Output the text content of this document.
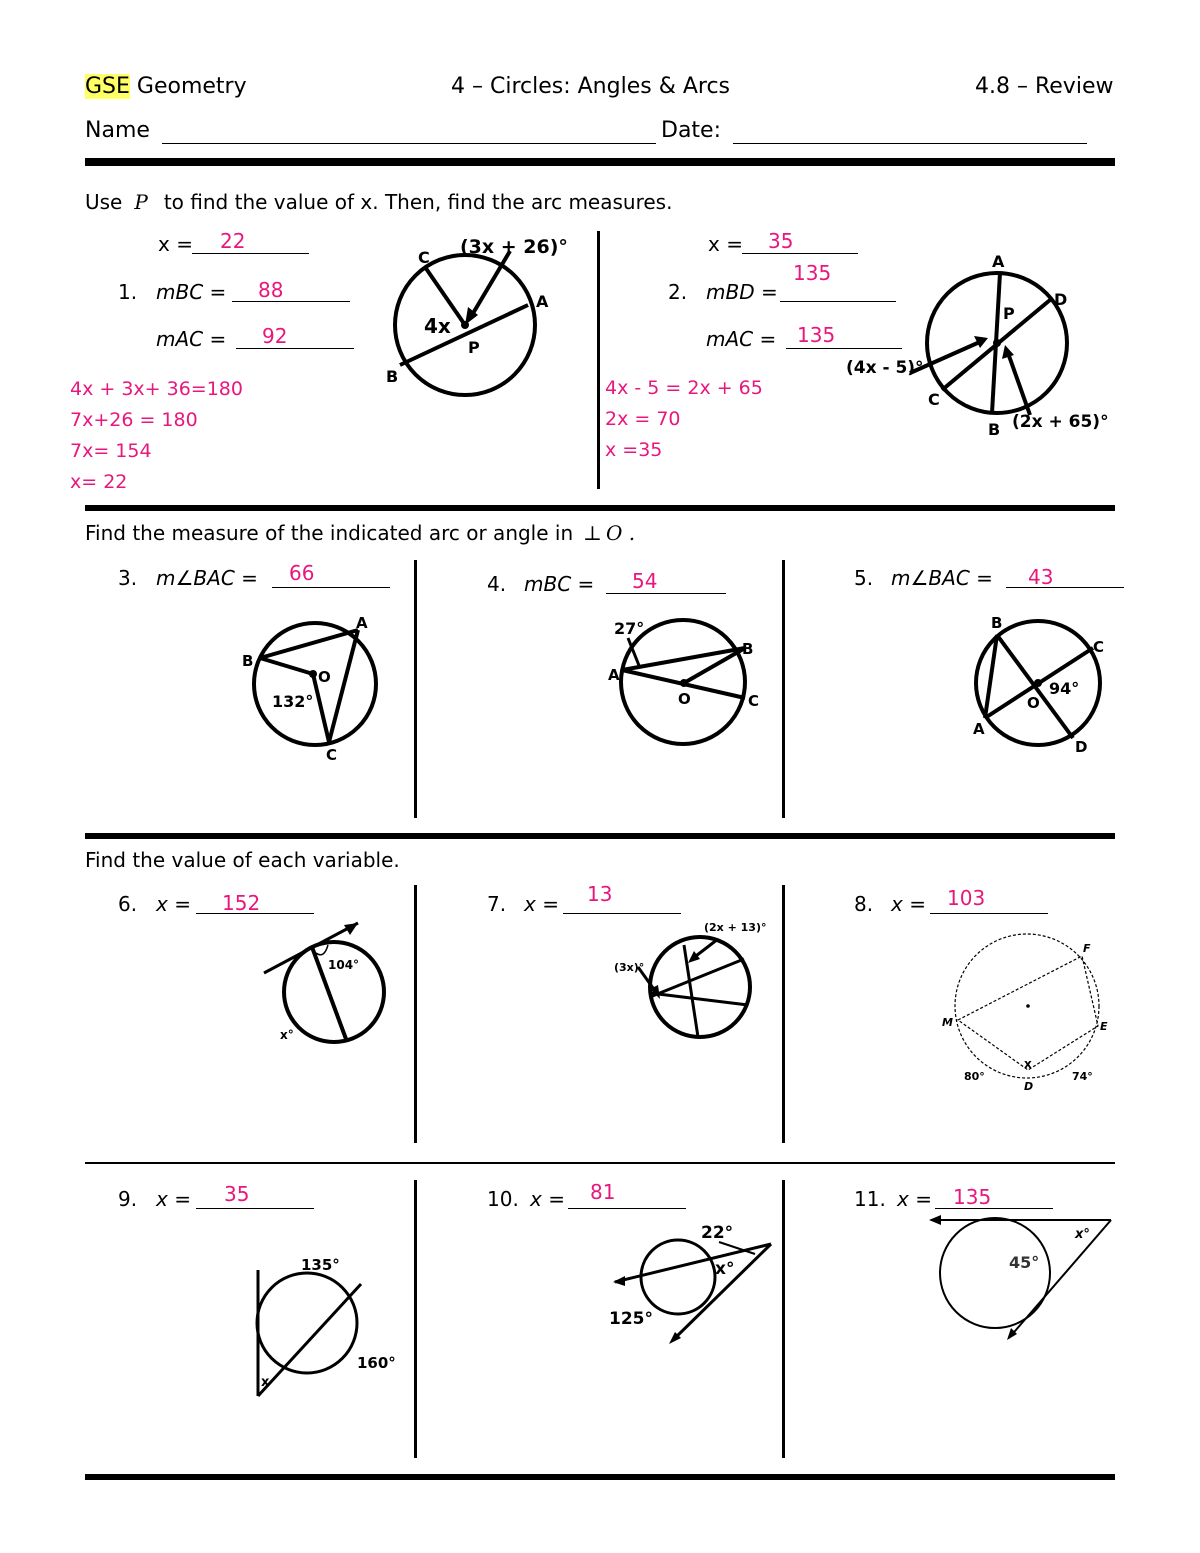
GSE Geometry	4 – Circles: Angles & Arcs	4.8 – Review
Name	Date:
Use P to find the value of x. Then, find the arc measures.
x = 22
1. mBC = 88
mAC = 92
4x + 3x+ 36=180
7x+26 = 180
7x= 154
x= 22
(3x + 26)°
4x
A
B
C
P
x = 35
2. mBD =
135
mAC = 135
4x - 5 = 2x + 65
2x = 70
x =35
A
B
C
D
P
(4x - 5)°
(2x + 65)°
Find the measure of the indicated arc or angle in ⊥ O .
3. m∠BAC = 66
A
B
C
O
132°
4. mBC = 54
27°
A
B
C
O
5. m∠BAC = 43
B
C
A
D
O
94°
Find the value of each variable.
6. x = 152
104°
x°
7. x = 13
(2x + 13)°
(3x)°
8. x = 103
F
E
M
D
x
80°	74°
9. x = 35
135°
160°
x
10. x = 81
22°
125°
x°
11. x = 135
45°
x°
